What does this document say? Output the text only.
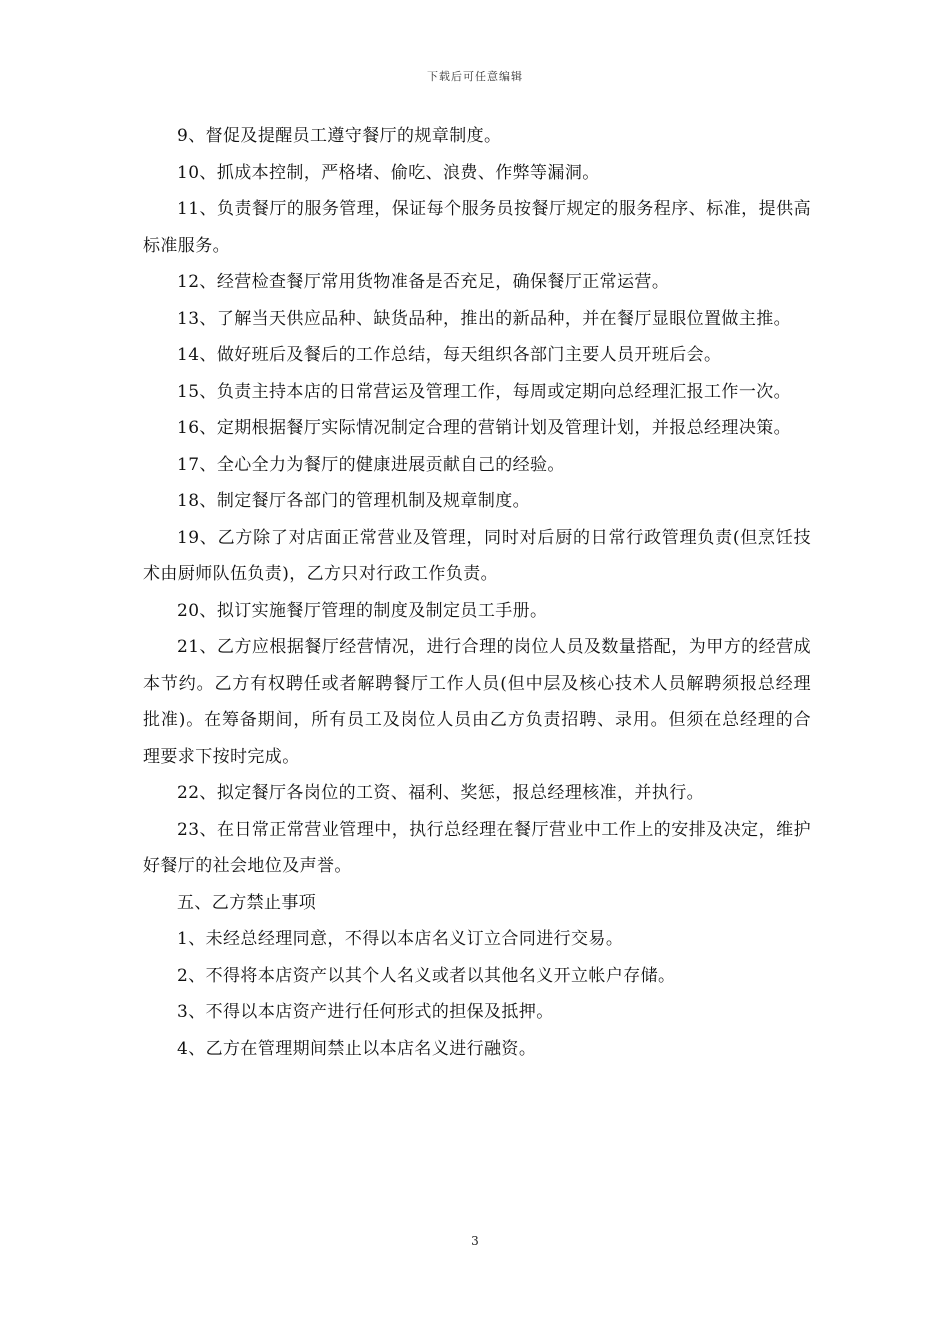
下载后可任意编辑

9、督促及提醒员工遵守餐厅的规章制度。

10、抓成本控制，严格堵、偷吃、浪费、作弊等漏洞。

11、负责餐厅的服务管理，保证每个服务员按餐厅规定的服务程序、标准，提供高标准服务。

12、经营检查餐厅常用货物准备是否充足，确保餐厅正常运营。

13、了解当天供应品种、缺货品种，推出的新品种，并在餐厅显眼位置做主推。

14、做好班后及餐后的工作总结，每天组织各部门主要人员开班后会。

15、负责主持本店的日常营运及管理工作，每周或定期向总经理汇报工作一次。

16、定期根据餐厅实际情况制定合理的营销计划及管理计划，并报总经理决策。

17、全心全力为餐厅的健康进展贡献自己的经验。

18、制定餐厅各部门的管理机制及规章制度。

19、乙方除了对店面正常营业及管理，同时对后厨的日常行政管理负责(但烹饪技术由厨师队伍负责)，乙方只对行政工作负责。

20、拟订实施餐厅管理的制度及制定员工手册。

21、乙方应根据餐厅经营情况，进行合理的岗位人员及数量搭配，为甲方的经营成本节约。乙方有权聘任或者解聘餐厅工作人员(但中层及核心技术人员解聘须报总经理批准)。在筹备期间，所有员工及岗位人员由乙方负责招聘、录用。但须在总经理的合理要求下按时完成。

22、拟定餐厅各岗位的工资、福利、奖惩，报总经理核准，并执行。

23、在日常正常营业管理中，执行总经理在餐厅营业中工作上的安排及决定，维护好餐厅的社会地位及声誉。

五、乙方禁止事项

1、未经总经理同意，不得以本店名义订立合同进行交易。

2、不得将本店资产以其个人名义或者以其他名义开立帐户存储。

3、不得以本店资产进行任何形式的担保及抵押。

4、乙方在管理期间禁止以本店名义进行融资。

3
